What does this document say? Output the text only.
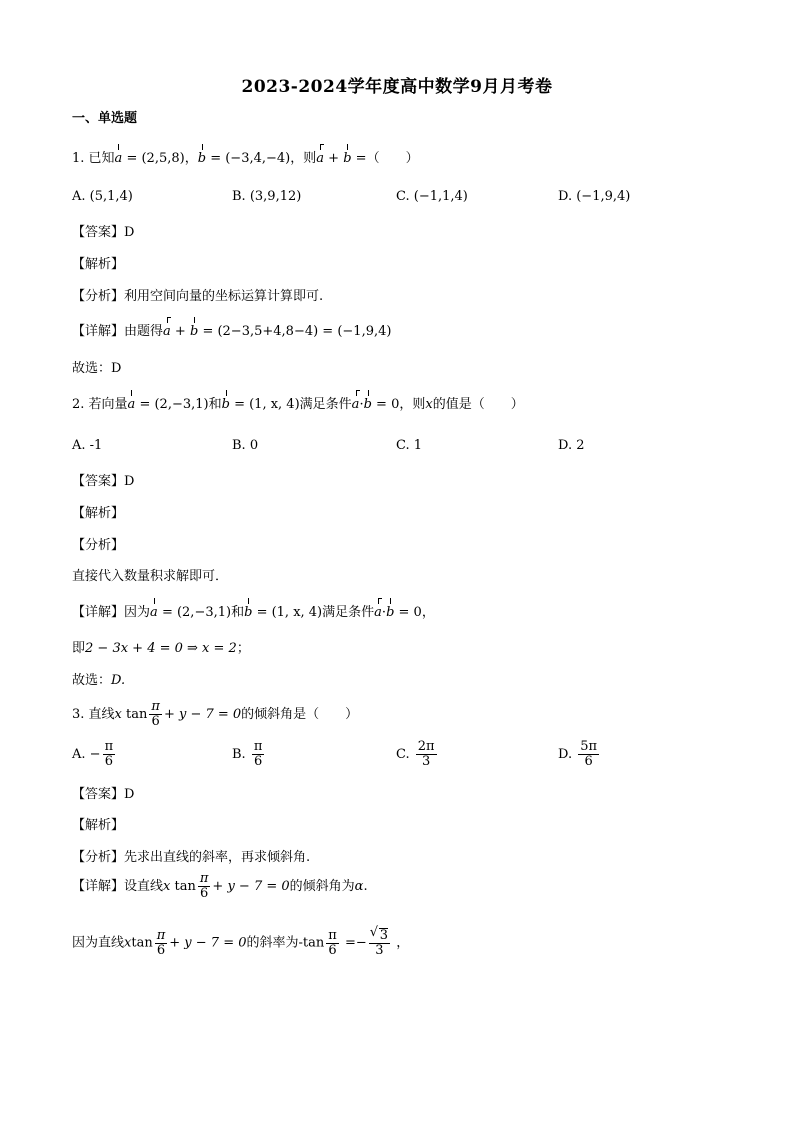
2023-2024学年度高中数学9月月考卷
一、单选题
1. 已知a = (2,5,8)，b = (−3,4,−4)，则a + b =（　　）
A. (5,1,4)	B. (3,9,12)	C. (−1,1,4)	D. (−1,9,4)
【答案】D
【解析】
【分析】利用空间向量的坐标运算计算即可.
【详解】由题得a + b = (2−3,5+4,8−4) = (−1,9,4)
故选：D
2. 若向量a = (2,−3,1)和b = (1, x, 4)满足条件a·b = 0，则x的值是（　　）
A. -1	B. 0	C. 1	D. 2
【答案】D
【解析】
【分析】
直接代入数量积求解即可．
【详解】因为a = (2,−3,1)和b = (1, x, 4)满足条件a·b = 0，
即2 − 3x + 4 = 0 ⇒ x = 2；
故选：D.
3. 直线x $\tan \frac{\pi}{6} + y - 7 = 0$的倾斜角是（　　）
A. − $\frac{\pi}{6}$	B. $\frac{\pi}{6}$	C. $\frac{2\pi}{3}$	D. $\frac{5\pi}{6}$
【答案】D
【解析】
【分析】先求出直线的斜率，再求倾斜角.
【详解】设直线x $\tan \frac{\pi}{6} + y - 7 = 0$的倾斜角为α.
因为直线xtan $\frac{\pi}{6} + y - 7 = 0$的斜率为$-\tan \frac{\pi}{6}$ =−
√ $\frac{3}{3}$ ，
